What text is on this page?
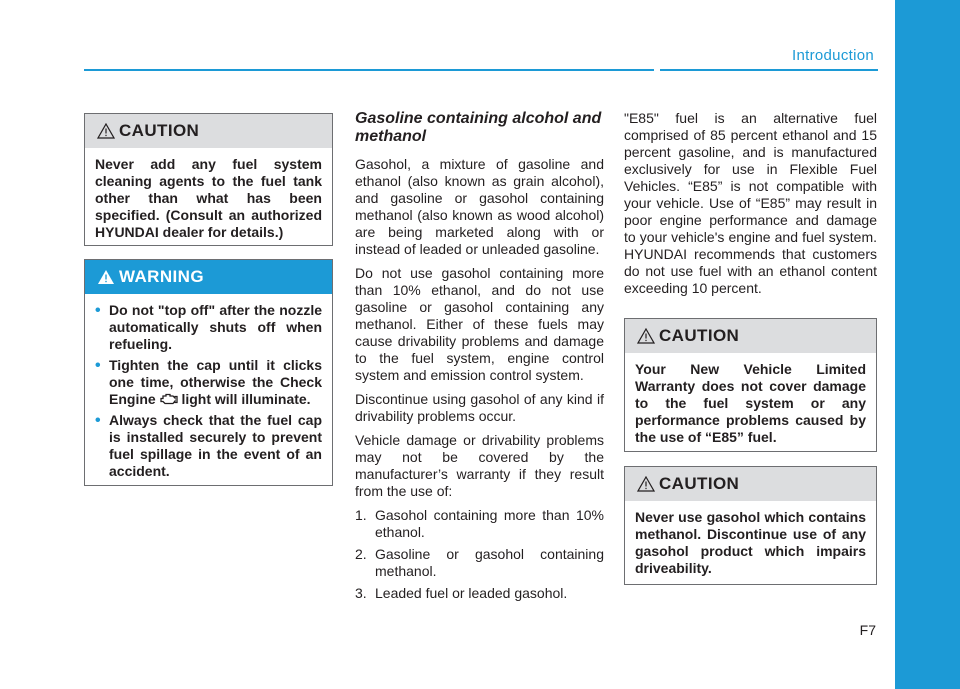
Introduction
CAUTION
Never add any fuel system cleaning agents to the fuel tank other than what has been specified. (Consult an authorized HYUNDAI dealer for details.)
WARNING
• Do not "top off" after the nozzle automatically shuts off when refueling.
• Tighten the cap until it clicks one time, otherwise the Check Engine light will illuminate.
• Always check that the fuel cap is installed securely to prevent fuel spillage in the event of an accident.
Gasoline containing alcohol and methanol

Gasohol, a mixture of gasoline and ethanol (also known as grain alcohol), and gasoline or gasohol containing methanol (also known as wood alcohol) are being marketed along with or instead of leaded or unleaded gasoline.

Do not use gasohol containing more than 10% ethanol, and do not use gasoline or gasohol containing any methanol. Either of these fuels may cause drivability problems and damage to the fuel system, engine control system and emission control system.

Discontinue using gasohol of any kind if drivability problems occur.

Vehicle damage or drivability problems may not be covered by the manufacturer’s warranty if they result from the use of:

1. Gasohol containing more than 10% ethanol.
2. Gasoline or gasohol containing methanol.
3. Leaded fuel or leaded gasohol.

"E85" fuel is an alternative fuel comprised of 85 percent ethanol and 15 percent gasoline, and is manufactured exclusively for use in Flexible Fuel Vehicles. “E85” is not compatible with your vehicle. Use of “E85” may result in poor engine performance and damage to your vehicle's engine and fuel system. HYUNDAI recommends that customers do not use fuel with an ethanol content exceeding 10 percent.

CAUTION
Your New Vehicle Limited Warranty does not cover damage to the fuel system or any performance problems caused by the use of “E85” fuel.
CAUTION
Never use gasohol which contains methanol. Discontinue use of any gasohol product which impairs driveability.
F7
